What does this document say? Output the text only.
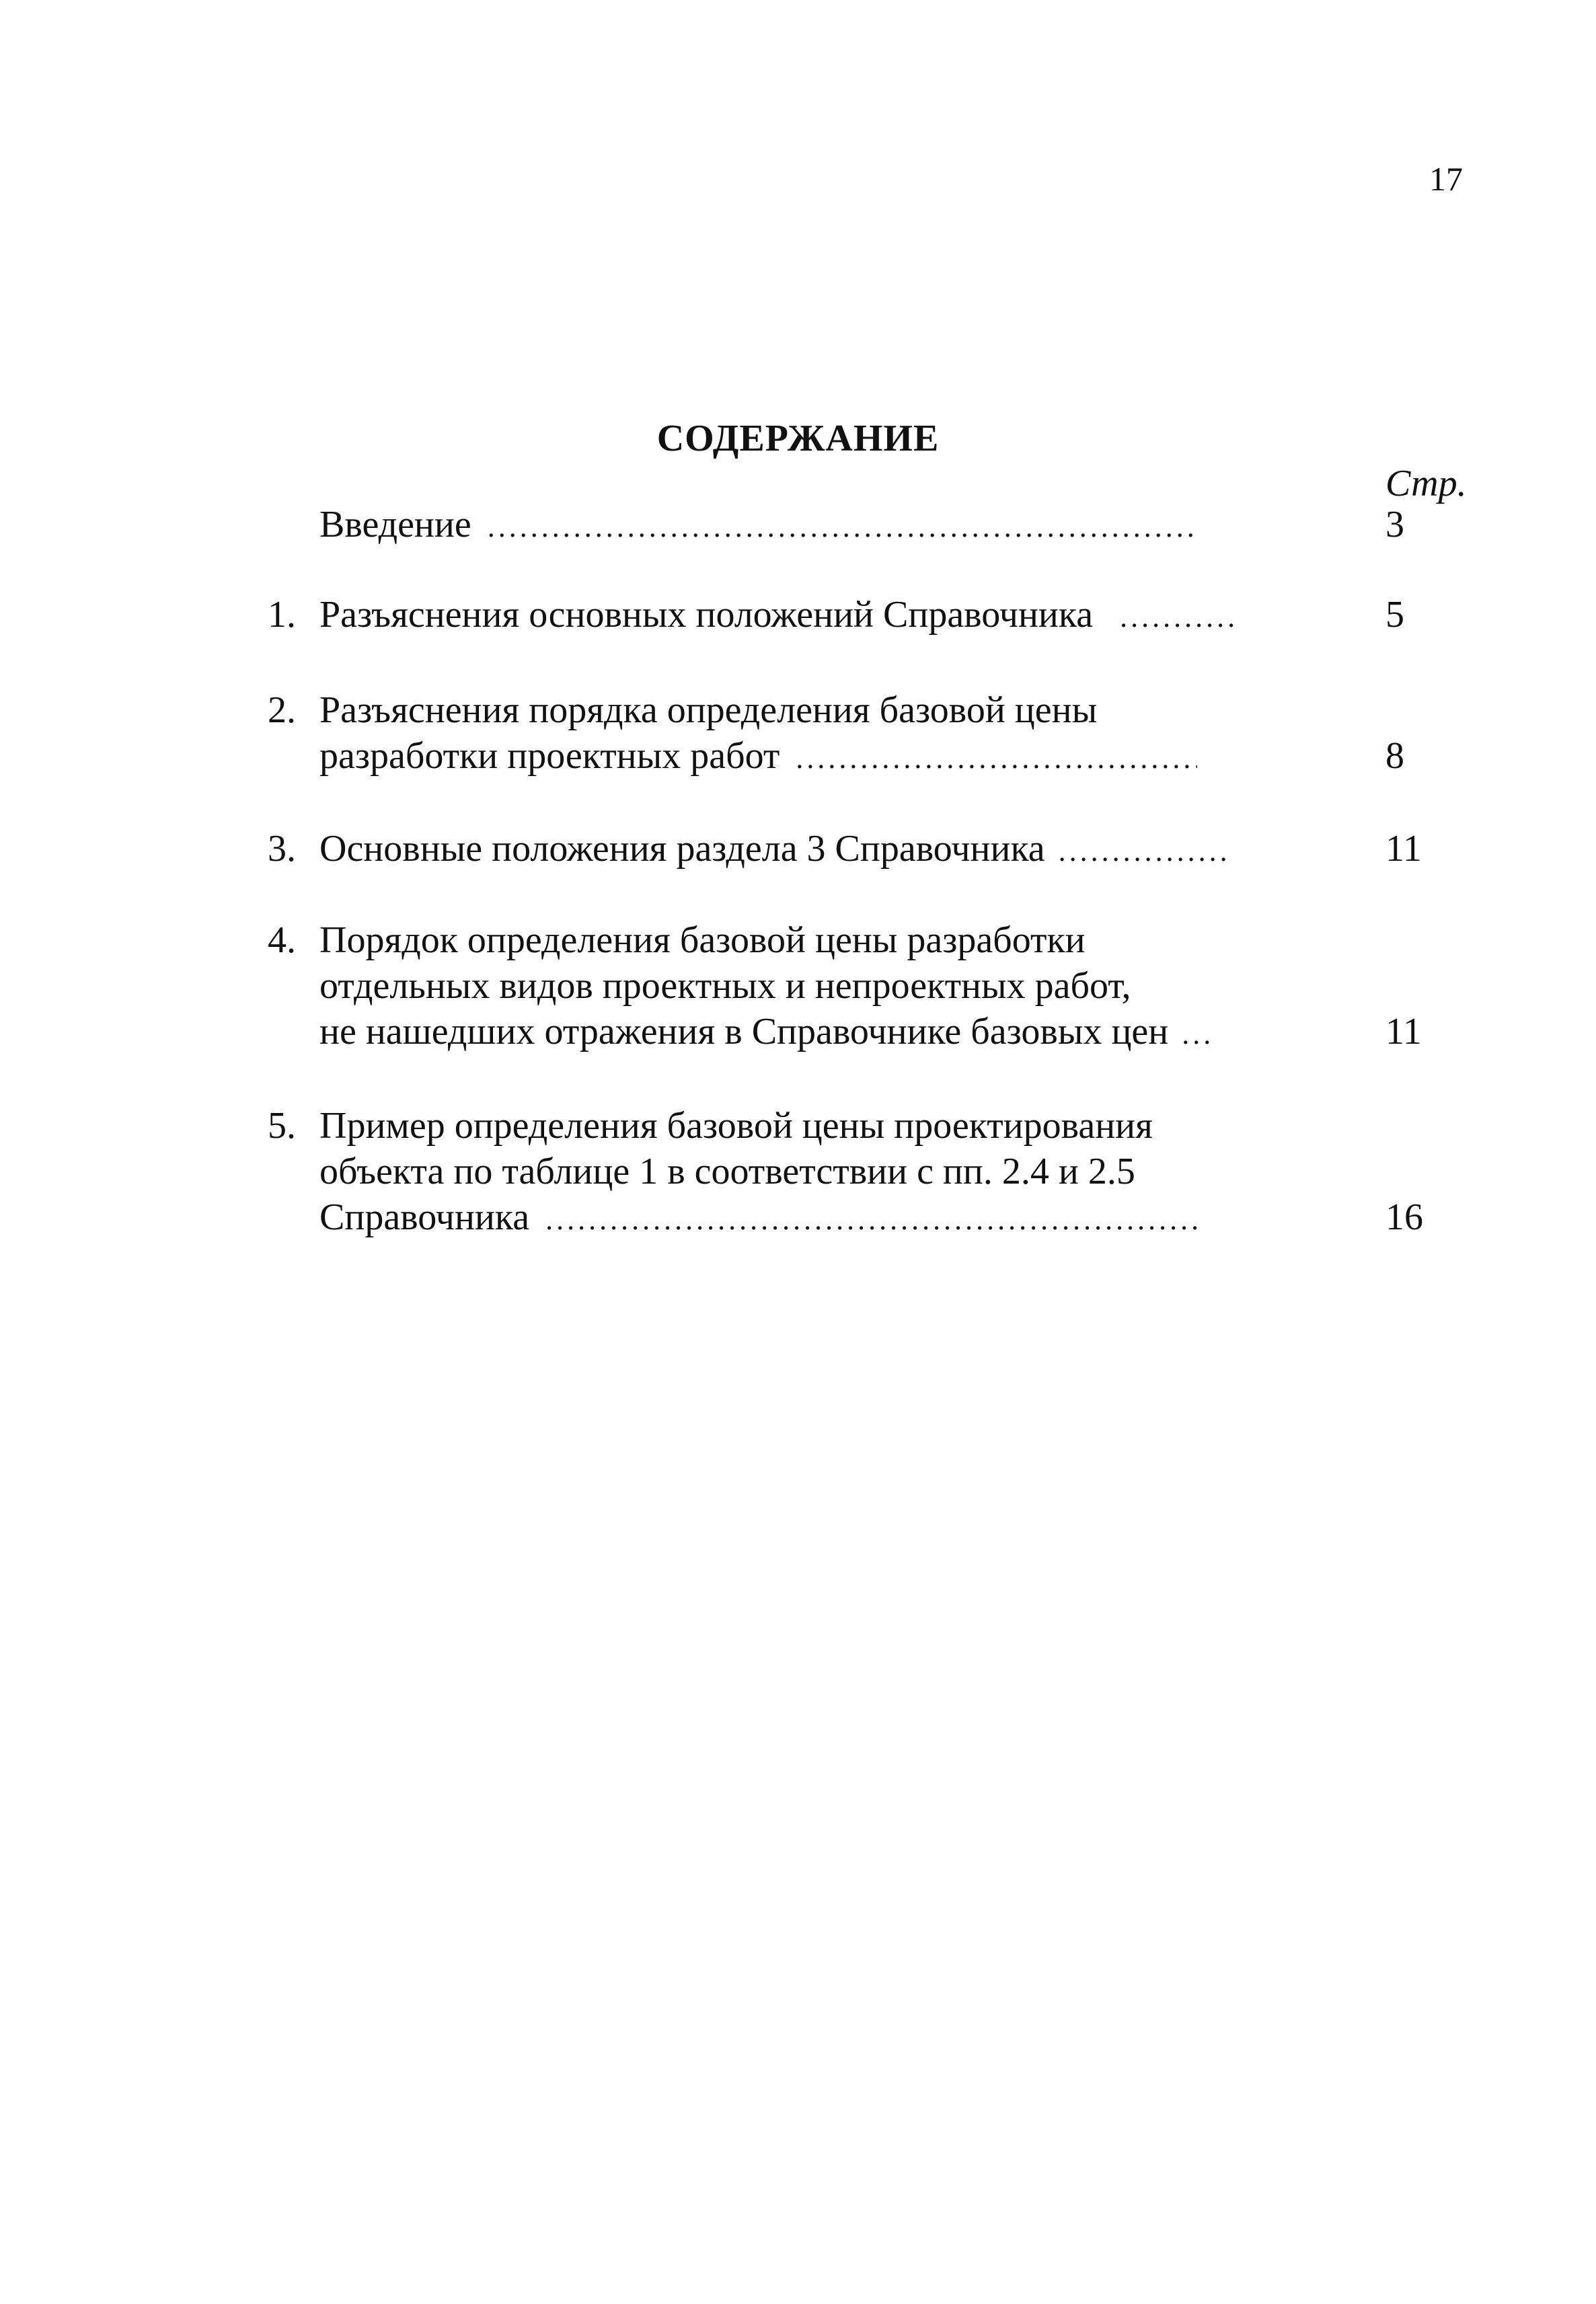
17
СОДЕРЖАНИЕ
Стр.
Введение .....	3
1. Разъяснения основных положений Справочника .....	5
2. Разъяснения порядка определения базовой цены
разработки проектных работ .....	8
3. Основные положения раздела 3 Справочника .....	11
4. Порядок определения базовой цены разработки
отдельных видов проектных и непроектных работ,
не нашедших отражения в Справочнике базовых цен .....	11
5. Пример определения базовой цены проектирования
объекта по таблице 1 в соответствии с пп. 2.4 и 2.5
Справочника .....	16
